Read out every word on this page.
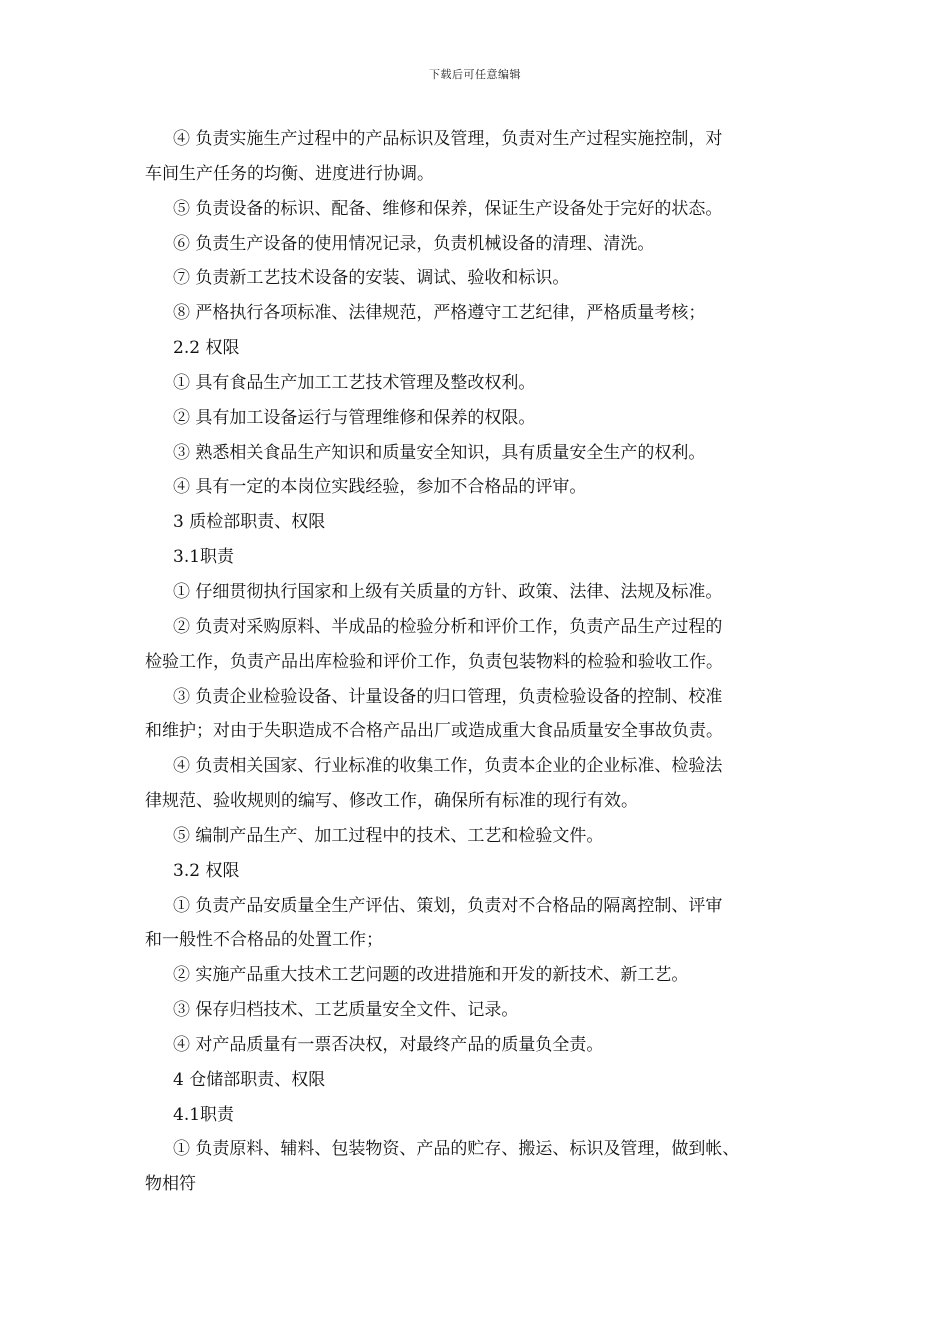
下载后可任意编辑
④ 负责实施生产过程中的产品标识及管理，负责对生产过程实施控制，对
车间生产任务的均衡、进度进行协调。
⑤ 负责设备的标识、配备、维修和保养，保证生产设备处于完好的状态。
⑥ 负责生产设备的使用情况记录，负责机械设备的清理、清洗。
⑦ 负责新工艺技术设备的安装、调试、验收和标识。
⑧ 严格执行各项标准、法律规范，严格遵守工艺纪律，严格质量考核；
2.2 权限
① 具有食品生产加工工艺技术管理及整改权利。
② 具有加工设备运行与管理维修和保养的权限。
③ 熟悉相关食品生产知识和质量安全知识，具有质量安全生产的权利。
④ 具有一定的本岗位实践经验，参加不合格品的评审。
3 质检部职责、权限
3.1职责
① 仔细贯彻执行国家和上级有关质量的方针、政策、法律、法规及标准。
② 负责对采购原料、半成品的检验分析和评价工作，负责产品生产过程的
检验工作，负责产品出库检验和评价工作，负责包装物料的检验和验收工作。
③ 负责企业检验设备、计量设备的归口管理，负责检验设备的控制、校准
和维护；对由于失职造成不合格产品出厂或造成重大食品质量安全事故负责。
④ 负责相关国家、行业标准的收集工作，负责本企业的企业标准、检验法
律规范、验收规则的编写、修改工作，确保所有标准的现行有效。
⑤ 编制产品生产、加工过程中的技术、工艺和检验文件。
3.2 权限
① 负责产品安质量全生产评估、策划，负责对不合格品的隔离控制、评审
和一般性不合格品的处置工作；
② 实施产品重大技术工艺问题的改进措施和开发的新技术、新工艺。
③ 保存归档技术、工艺质量安全文件、记录。
④ 对产品质量有一票否决权，对最终产品的质量负全责。
4 仓储部职责、权限
4.1职责
① 负责原料、辅料、包装物资、产品的贮存、搬运、标识及管理，做到帐、
物相符
